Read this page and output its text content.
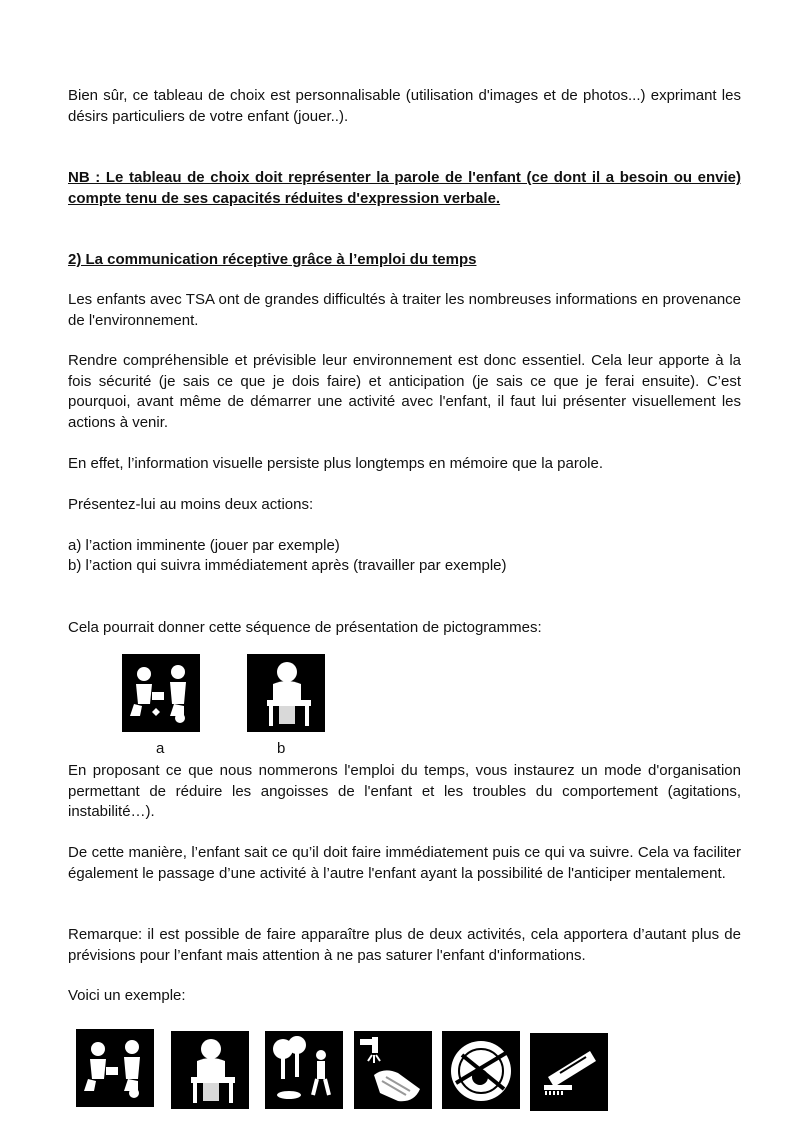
Bien sûr, ce tableau de choix est personnalisable (utilisation d'images et de photos...) exprimant les désirs particuliers de votre enfant (jouer..).

NB : Le tableau de choix doit représenter la parole de l'enfant (ce dont il a besoin ou envie) compte tenu de ses capacités réduites d'expression verbale.

2) La communication réceptive grâce à l’emploi du temps

Les enfants avec TSA ont de grandes difficultés à traiter les nombreuses informations en provenance de l'environnement.

Rendre compréhensible et prévisible leur environnement est donc essentiel. Cela leur apporte à la fois sécurité (je sais ce que je dois faire) et anticipation (je sais ce que je ferai ensuite). C’est pourquoi, avant même de démarrer une activité avec l'enfant, il faut lui présenter visuellement les actions à venir.

En effet, l’information visuelle persiste plus longtemps en mémoire que la parole.

Présentez-lui au moins deux actions:

a) l’action imminente (jouer par exemple)

b) l’action qui suivra immédiatement après (travailler par exemple)

Cela pourrait donner cette séquence de présentation de pictogrammes:

a	b

En proposant ce que nous nommerons l'emploi du temps, vous instaurez un mode d'organisation permettant de réduire les angoisses de l'enfant et les troubles du comportement (agitations, instabilité…).

De cette manière, l’enfant sait ce qu’il doit faire immédiatement puis ce qui va suivre. Cela va faciliter également le passage d’une activité à l’autre l'enfant ayant la possibilité de l'anticiper mentalement.

Remarque: il est possible de faire apparaître plus de deux activités, cela apportera d’autant plus de prévisions pour l’enfant mais attention à ne pas saturer l'enfant d'informations.

Voici un exemple:
